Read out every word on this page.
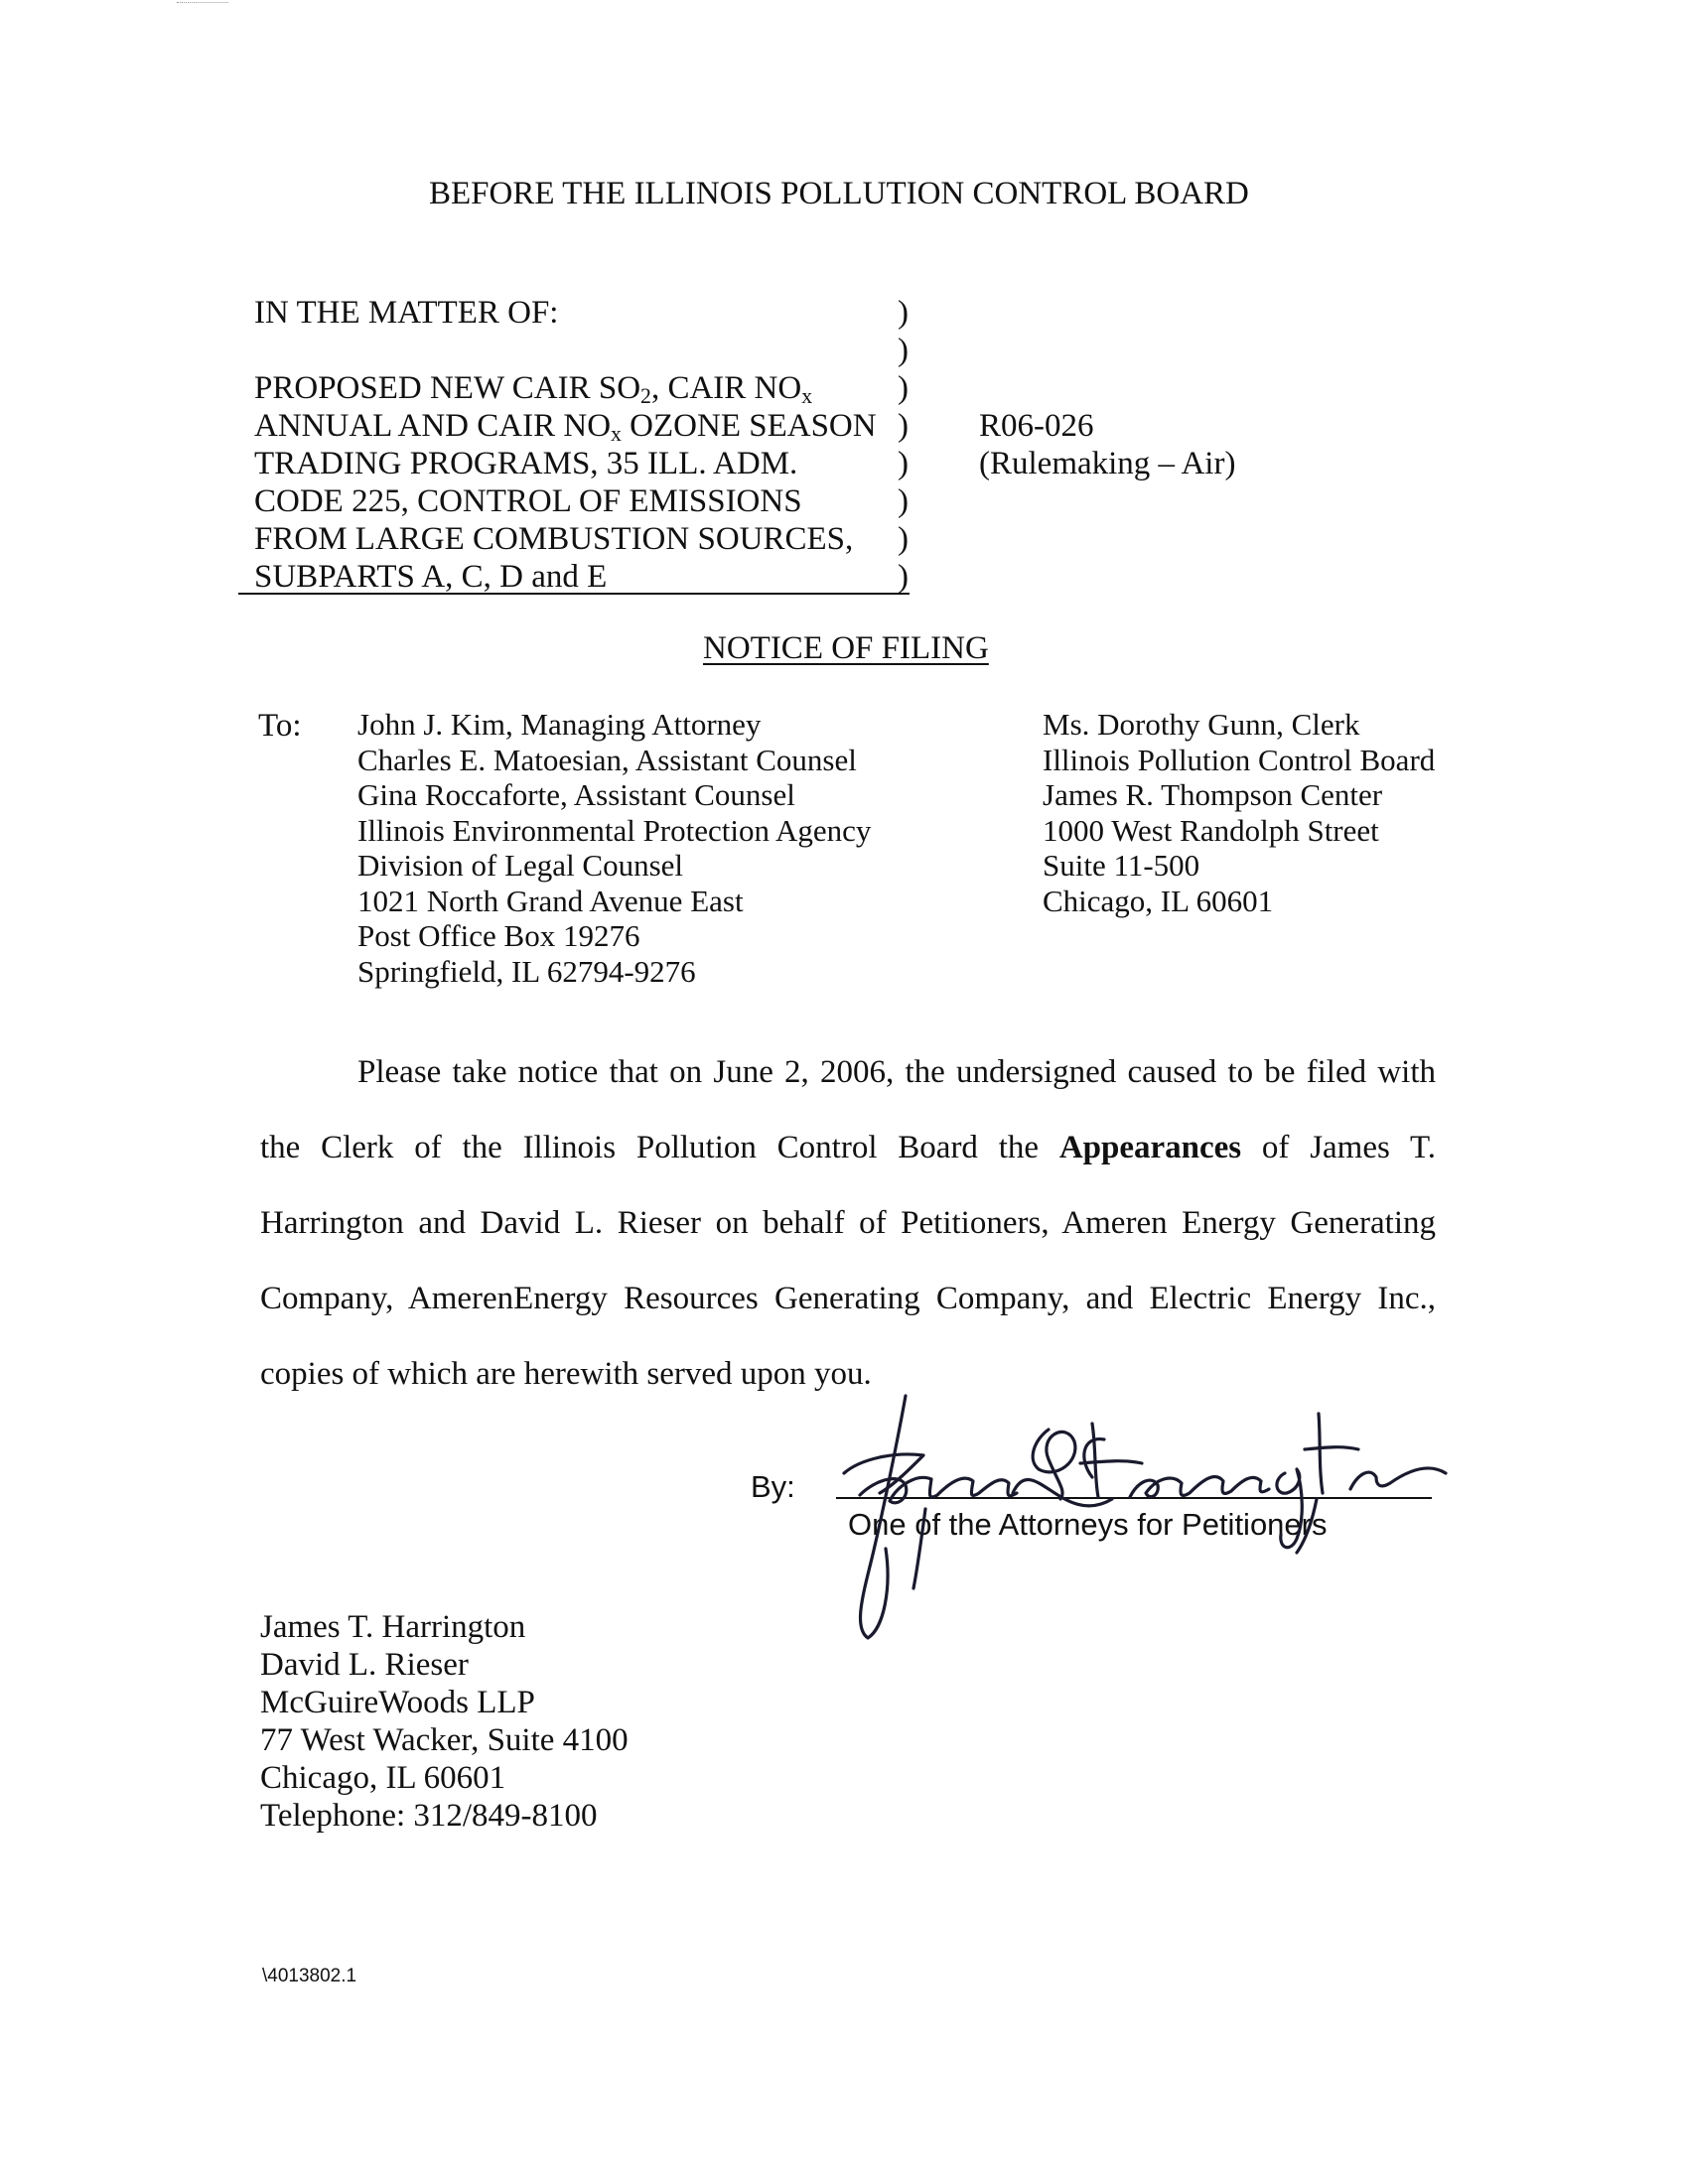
BEFORE THE ILLINOIS POLLUTION CONTROL BOARD
IN THE MATTER OF:
PROPOSED NEW CAIR $SO_2$, CAIR $NO_x$
ANNUAL AND CAIR $NO_x$ OZONE SEASON
TRADING PROGRAMS, 35 ILL. ADM.
CODE 225, CONTROL OF EMISSIONS
FROM LARGE COMBUSTION SOURCES,
SUBPARTS A, C, D and E
)
)
)
)
)
)
)
)
R06-026
(Rulemaking – Air)
NOTICE OF FILING
To: John J. Kim, Managing Attorney
Charles E. Matoesian, Assistant Counsel
Gina Roccaforte, Assistant Counsel
Illinois Environmental Protection Agency
Division of Legal Counsel
1021 North Grand Avenue East
Post Office Box 19276
Springfield, IL 62794-9276
Ms. Dorothy Gunn, Clerk
Illinois Pollution Control Board
James R. Thompson Center
1000 West Randolph Street
Suite 11-500
Chicago, IL 60601
Please take notice that on June 2, 2006, the undersigned caused to be filed with
the Clerk of the Illinois Pollution Control Board the Appearances of James T.
Harrington and David L. Rieser on behalf of Petitioners, Ameren Energy Generating
Company, AmerenEnergy Resources Generating Company, and Electric Energy Inc.,
copies of which are herewith served upon you.
By:
One of the Attorneys for Petitioners
James T. Harrington
David L. Rieser
McGuireWoods LLP
77 West Wacker, Suite 4100
Chicago, IL 60601
Telephone: 312/849-8100
\4013802.1
